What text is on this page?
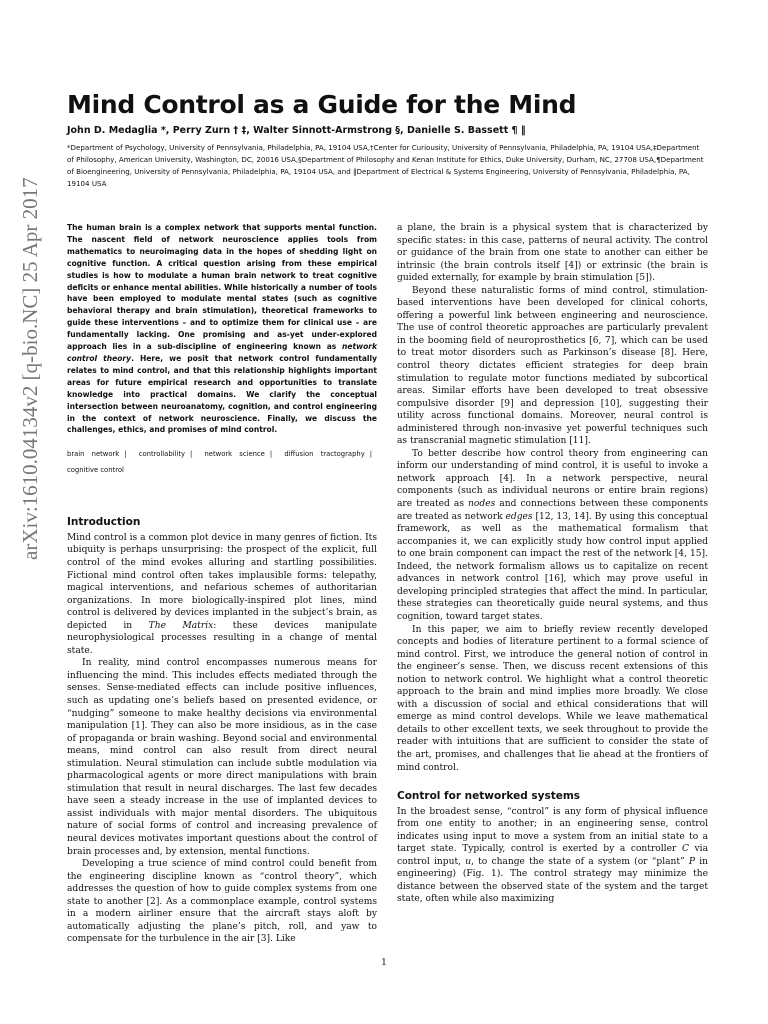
arXiv:1610.04134v2 [q-bio.NC] 25 Apr 2017
Mind Control as a Guide for the Mind
John D. Medaglia *, Perry Zurn † ‡, Walter Sinnott-Armstrong §, Danielle S. Bassett ¶ ‖
*Department of Psychology, University of Pennsylvania, Philadelphia, PA, 19104 USA,†Center for Curiousity, University of Pennsylvania, Philadelphia, PA, 19104 USA,‡Department of Philosophy, American University, Washington, DC, 20016 USA,§Department of Philosophy and Kenan Institute for Ethics, Duke University, Durham, NC, 27708 USA,¶Department of Bioengineering, University of Pennsylvania, Philadelphia, PA, 19104 USA, and ‖Department of Electrical & Systems Engineering, University of Pennsylvania, Philadelphia, PA, 19104 USA

The human brain is a complex network that supports mental function. The nascent field of network neuroscience applies tools from mathematics to neuroimaging data in the hopes of shedding light on cognitive function. A critical question arising from these empirical studies is how to modulate a human brain network to treat cognitive deficits or enhance mental abilities. While historically a number of tools have been employed to modulate mental states (such as cognitive behavioral therapy and brain stimulation), theoretical frameworks to guide these interventions – and to optimize them for clinical use – are fundamentally lacking. One promising and as-yet under-explored approach lies in a sub-discipline of engineering known as network control theory. Here, we posit that network control fundamentally relates to mind control, and that this relationship highlights important areas for future empirical research and opportunities to translate knowledge into practical domains. We clarify the conceptual intersection between neuroanatomy, cognition, and control engineering in the context of network neuroscience. Finally, we discuss the challenges, ethics, and promises of mind control.

brain network | controllability | network science | diffusion tractography | cognitive control
Introduction

Mind control is a common plot device in many genres of fiction. Its ubiquity is perhaps unsurprising: the prospect of the explicit, full control of the mind evokes alluring and startling possibilities. Fictional mind control often takes implausible forms: telepathy, magical interventions, and nefarious schemes of authoritarian organizations. In more biologically-inspired plot lines, mind control is delivered by devices implanted in the subject’s brain, as depicted in The Matrix: these devices manipulate neurophysiological processes resulting in a change of mental state.

In reality, mind control encompasses numerous means for influencing the mind. This includes effects mediated through the senses. Sense-mediated effects can include positive influences, such as updating one’s beliefs based on presented evidence, or “nudging” someone to make healthy decisions via environmental manipulation [1]. They can also be more insidious, as in the case of propaganda or brain washing. Beyond social and environmental means, mind control can also result from direct neural stimulation. Neural stimulation can include subtle modulation via pharmacological agents or more direct manipulations with brain stimulation that result in neural discharges. The last few decades have seen a steady increase in the use of implanted devices to assist individuals with major mental disorders. The ubiquitous nature of social forms of control and increasing prevalence of neural devices motivates important questions about the control of brain processes and, by extension, mental functions.

Developing a true science of mind control could benefit from the engineering discipline known as “control theory”, which addresses the question of how to guide complex systems from one state to another [2]. As a commonplace example, control systems in a modern airliner ensure that the aircraft stays aloft by automatically adjusting the plane’s pitch, roll, and yaw to compensate for the turbulence in the air [3]. Like

a plane, the brain is a physical system that is characterized by specific states: in this case, patterns of neural activity. The control or guidance of the brain from one state to another can either be intrinsic (the brain controls itself [4]) or extrinsic (the brain is guided externally, for example by brain stimulation [5]).

Beyond these naturalistic forms of mind control, stimulation-based interventions have been developed for clinical cohorts, offering a powerful link between engineering and neuroscience. The use of control theoretic approaches are particularly prevalent in the booming field of neuroprosthetics [6, 7], which can be used to treat motor disorders such as Parkinson’s disease [8]. Here, control theory dictates efficient strategies for deep brain stimulation to regulate motor functions mediated by subcortical areas. Similar efforts have been developed to treat obsessive compulsive disorder [9] and depression [10], suggesting their utility across functional domains. Moreover, neural control is administered through non-invasive yet powerful techniques such as transcranial magnetic stimulation [11].

To better describe how control theory from engineering can inform our understanding of mind control, it is useful to invoke a network approach [4]. In a network perspective, neural components (such as individual neurons or entire brain regions) are treated as nodes and connections between these components are treated as network edges [12, 13, 14]. By using this conceptual framework, as well as the mathematical formalism that accompanies it, we can explicitly study how control input applied to one brain component can impact the rest of the network [4, 15]. Indeed, the network formalism allows us to capitalize on recent advances in network control [16], which may prove useful in developing principled strategies that affect the mind. In particular, these strategies can theoretically guide neural systems, and thus cognition, toward target states.

In this paper, we aim to briefly review recently developed concepts and bodies of literature pertinent to a formal science of mind control. First, we introduce the general notion of control in the engineer’s sense. Then, we discuss recent extensions of this notion to network control. We highlight what a control theoretic approach to the brain and mind implies more broadly. We close with a discussion of social and ethical considerations that will emerge as mind control develops. While we leave mathematical details to other excellent texts, we seek throughout to provide the reader with intuitions that are sufficient to consider the state of the art, promises, and challenges that lie ahead at the frontiers of mind control.

Control for networked systems

In the broadest sense, “control” is any form of physical influence from one entity to another; in an engineering sense, control indicates using input to move a system from an initial state to a target state. Typically, control is exerted by a controller C via control input, u, to change the state of a system (or “plant” P in engineering) (Fig. 1). The control strategy may minimize the distance between the observed state of the system and the target state, often while also maximizing

1
